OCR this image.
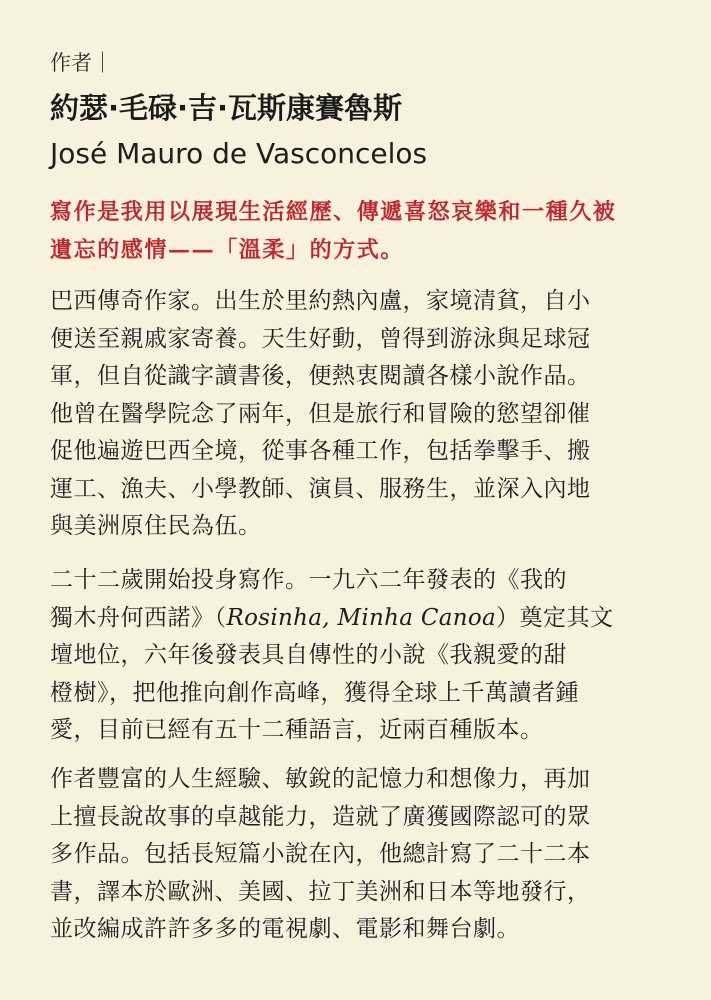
作者｜
約瑟·毛碌·吉·瓦斯康賽魯斯
José Mauro de Vasconcelos
寫作是我用以展現生活經歷、傳遞喜怒哀樂和一種久被
遺忘的感情——「溫柔」的方式。
巴西傳奇作家。出生於里約熱內盧，家境清貧，自小
便送至親戚家寄養。天生好動，曾得到游泳與足球冠
軍，但自從識字讀書後，便熱衷閱讀各樣小說作品。
他曾在醫學院念了兩年，但是旅行和冒險的慾望卻催
促他遍遊巴西全境，從事各種工作，包括拳擊手、搬
運工、漁夫、小學教師、演員、服務生，並深入內地
與美洲原住民為伍。
二十二歲開始投身寫作。一九六二年發表的《我的
獨木舟何西諾》（Rosinha, Minha Canoa）奠定其文
壇地位，六年後發表具自傳性的小說《我親愛的甜
橙樹》，把他推向創作高峰，獲得全球上千萬讀者鍾
愛，目前已經有五十二種語言，近兩百種版本。
作者豐富的人生經驗、敏銳的記憶力和想像力，再加
上擅長說故事的卓越能力，造就了廣獲國際認可的眾
多作品。包括長短篇小說在內，他總計寫了二十二本
書，譯本於歐洲、美國、拉丁美洲和日本等地發行，
並改編成許許多多的電視劇、電影和舞台劇。
